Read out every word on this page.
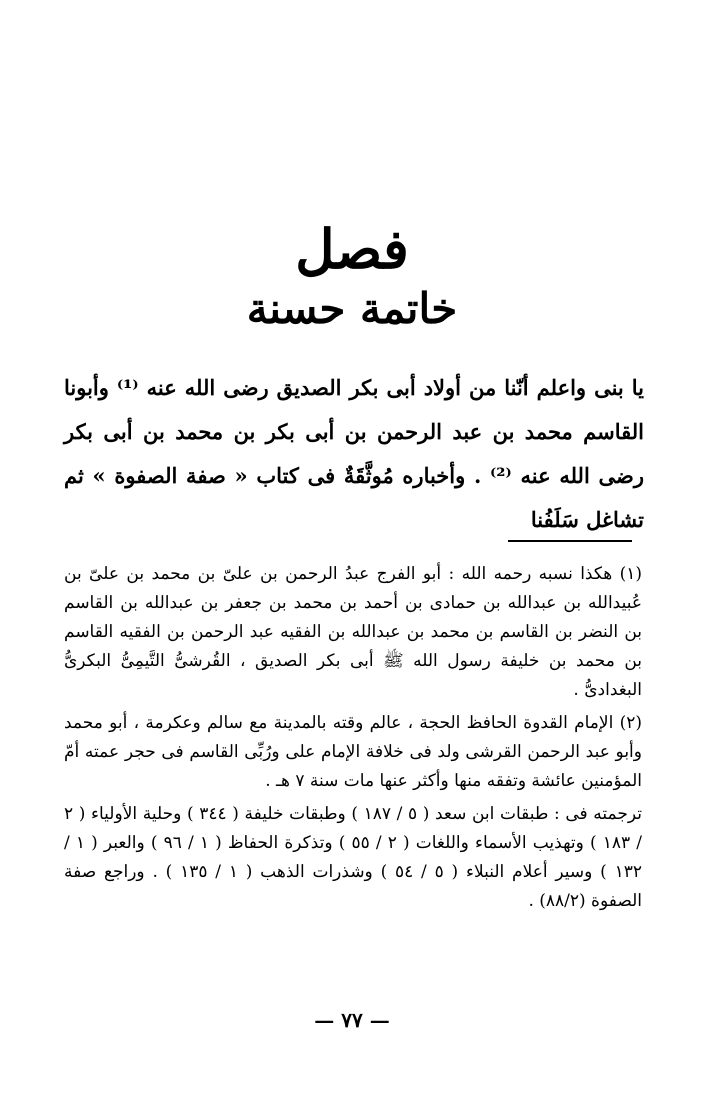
فصل
خاتمة حسنة
يا بنى واعلم أنّنا من أولاد أبى بكر الصديق رضى الله عنه ⁽¹⁾ وأبونا القاسم محمد بن عبد الرحمن بن أبى بكر بن محمد بن أبى بكر رضى الله عنه ⁽²⁾ . وأخباره مُوثَّقَةٌ فى كتاب « صفة الصفوة » ثم تشاغل سَلَفُنا

(١) هكذا نسبه رحمه الله : أبو الفرج عبدُ الرحمن بن علىّ بن محمد بن علىّ بن عُبيدالله بن عبدالله بن حمادى بن أحمد بن محمد بن جعفر بن عبدالله بن القاسم بن النضر بن القاسم بن محمد بن عبدالله بن الفقيه عبد الرحمن بن الفقيه القاسم بن محمد بن خليفة رسول الله ﷺ أبى بكر الصديق ، القُرشىُّ التَّيمِىُّ البكرىُّ البغدادىُّ .

(٢) الإمام القدوة الحافظ الحجة ، عالم وقته بالمدينة مع سالم وعكرمة ، أبو محمد وأبو عبد الرحمن القرشى ولد فى خلافة الإمام على ورُبِّى القاسم فى حجر عمته أمّ المؤمنين عائشة وتفقه منها وأكثر عنها مات سنة ٧ هـ .

ترجمته فى : طبقات ابن سعد ( ٥ / ١٨٧ ) وطبقات خليفة ( ٣٤٤ ) وحلية الأولياء ( ٢ / ١٨٣ ) وتهذيب الأسماء واللغات ( ٢ / ٥٥ ) وتذكرة الحفاظ ( ١ / ٩٦ ) والعبر ( ١ / ١٣٢ ) وسير أعلام النبلاء ( ٥ / ٥٤ ) وشذرات الذهب ( ١ / ١٣٥ ) . وراجع صفة الصفوة (٨٨/٢) .

— ٧٧ —
